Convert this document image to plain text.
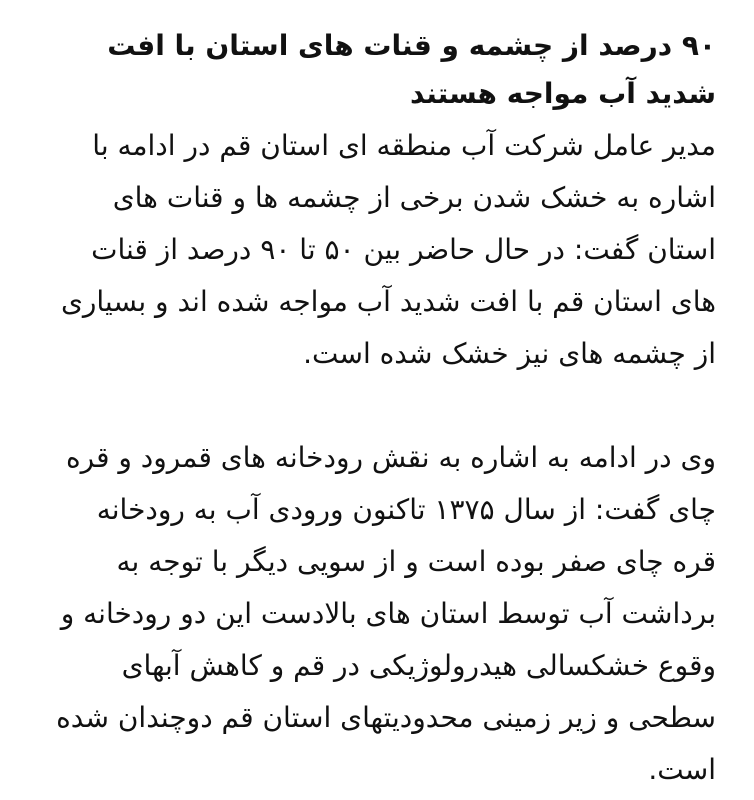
۹۰ درصد از چشمه و قنات های استان با افت شدید آب مواجه هستند

مدیر عامل شرکت آب منطقه ای استان قم در ادامه با اشاره به خشک شدن برخی از چشمه ها و قنات های استان گفت: در حال حاضر بین ۵۰ تا ۹۰ درصد از قنات های استان قم با افت شدید آب مواجه شده اند و بسیاری از چشمه های نیز خشک شده است.

وی در ادامه به اشاره به نقش رودخانه های قمرود و قره چای گفت: از سال ۱۳۷۵ تاکنون ورودی آب به رودخانه قره چای صفر بوده است و از سویی دیگر با توجه به برداشت آب توسط استان های بالادست این دو رودخانه و وقوع خشکسالی هیدرولوژیکی در قم و کاهش آبهای سطحی و زیر زمینی محدودیتهای استان قم دوچندان شده است.
